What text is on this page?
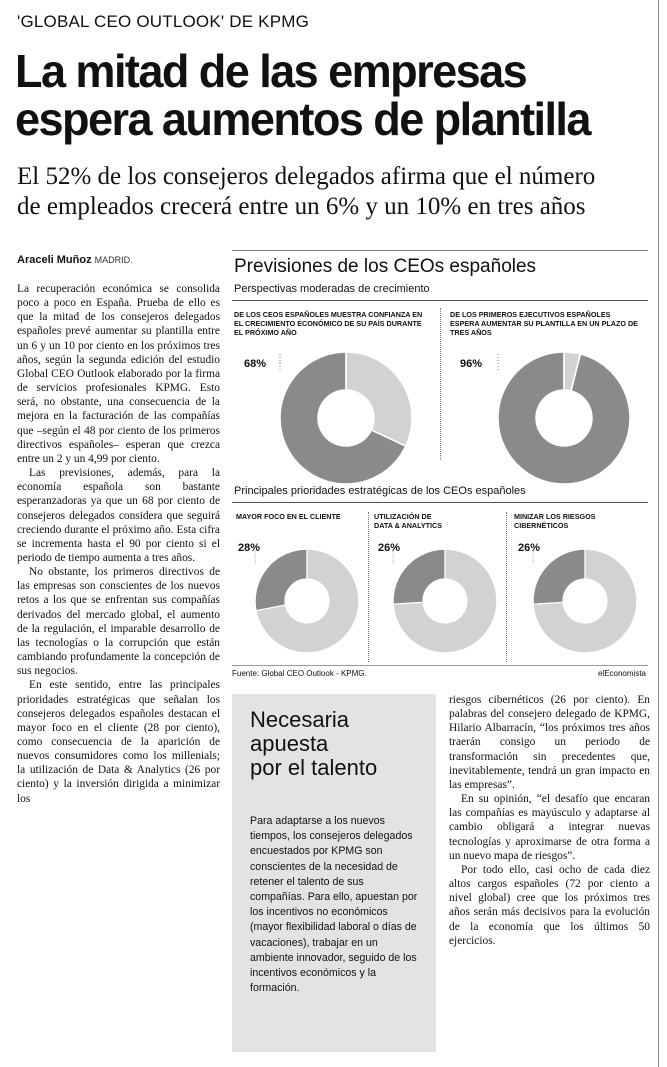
'GLOBAL CEO OUTLOOK' DE KPMG
La mitad de las empresas
espera aumentos de plantilla
El 52% de los consejeros delegados afirma que el número
de empleados crecerá entre un 6% y un 10% en tres años
Araceli Muñoz MADRID.

La recuperación económica se consolida poco a poco en España. Prueba de ello es que la mitad de los consejeros delegados españoles prevé aumentar su plantilla entre un 6 y un 10 por ciento en los próximos tres años, según la segunda edición del estudio Global CEO Outlook elaborado por la firma de servicios profesionales KPMG. Esto será, no obstante, una consecuencia de la mejora en la facturación de las compañías que –según el 48 por ciento de los primeros directivos españoles– esperan que crezca entre un 2 y un 4,99 por ciento.

Las previsiones, además, para la economía española son bastante esperanzadoras ya que un 68 por ciento de consejeros delegados considera que seguirá creciendo durante el próximo año. Esta cifra se incrementa hasta el 90 por ciento si el periodo de tiempo aumenta a tres años.

No obstante, los primeros directivos de las empresas son conscientes de los nuevos retos a los que se enfrentan sus compañías derivados del mercado global, el aumento de la regulación, el imparable desarrollo de las tecnologías o la corrupción que están cambiando profundamente la concepción de sus negocios.

En este sentido, entre las principales prioridades estratégicas que señalan los consejeros delegados españoles destacan el mayor foco en el cliente (28 por ciento), como consecuencia de la aparición de nuevos consumidores como los millenials; la utilización de Data & Analytics (26 por ciento) y la inversión dirigida a minimizar los

Previsiones de los CEOs españoles
Perspectivas moderadas de crecimiento
DE LOS CEOS ESPAÑOLES MUESTRA CONFIANZA EN EL CRECIMIENTO ECONÓMICO DE SU PAÍS DURANTE EL PRÓXIMO AÑO
68%
DE LOS PRIMEROS EJECUTIVOS ESPAÑOLES ESPERA AUMENTAR SU PLANTILLA EN UN PLAZO DE TRES AÑOS
96%
Principales prioridades estratégicas de los CEOs españoles
MAYOR FOCO EN EL CLIENTE
28%
UTILIZACIÓN DE
DATA & ANALYTICS
26%
MINIZAR LOS RIESGOS
CIBERNÉTICOS
26%
Fuente: Global CEO Outlook - KPMG.	elEconomista
Necesaria
apuesta
por el talento
Para adaptarse a los nuevos tiempos, los consejeros delegados encuestados por KPMG son conscientes de la necesidad de retener el talento de sus compañías. Para ello, apuestan por los incentivos no económicos (mayor flexibilidad laboral o días de vacaciones), trabajar en un ambiente innovador, seguido de los incentivos económicos y la formación.

riesgos cibernéticos (26 por ciento). En palabras del consejero delegado de KPMG, Hilario Albarracín, “los próximos tres años traerán consigo un periodo de transformación sin precedentes que, inevitablemente, tendrá un gran impacto en las empresas”.

En su opinión, “el desafío que encaran las compañías es mayúsculo y adaptarse al cambio obligará a integrar nuevas tecnologías y aproximarse de otra forma a un nuevo mapa de riesgos”.

Por todo ello, casi ocho de cada diez altos cargos españoles (72 por ciento a nivel global) cree que los próximos tres años serán más decisivos para la evolución de la economía que los últimos 50 ejercicios.
